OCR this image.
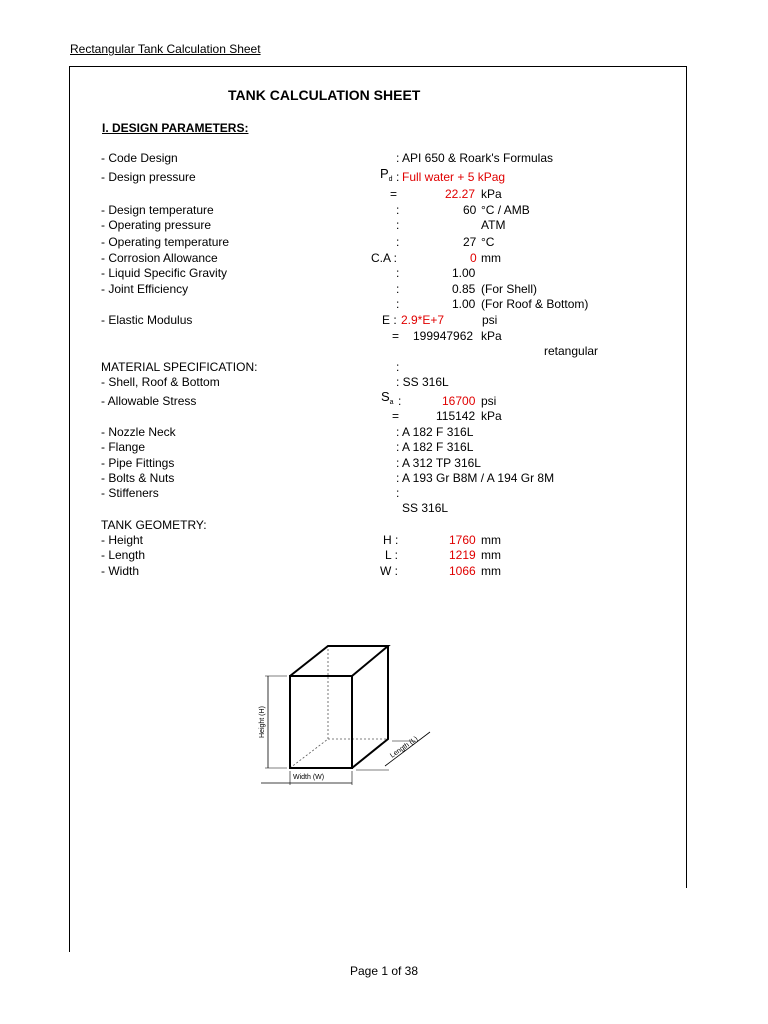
Rectangular Tank Calculation Sheet
TANK CALCULATION SHEET
I. DESIGN PARAMETERS:
- Code Design	: API 650 & Roark's Formulas
- Design pressure	$P_d$ : Full water + 5 kPag
=	22.27 kPa
- Design temperature	:	60 °C / AMB
- Operating pressure	:	ATM
- Operating temperature	:	27 °C
- Corrosion Allowance	C.A :	0 mm
- Liquid Specific Gravity	:	1.00
- Joint Efficiency	:	0.85 (For Shell)
:	1.00 (For Roof & Bottom)
- Elastic Modulus	E : 2.9*E+7	psi
= 199947962 kPa
retangular
MATERIAL SPECIFICATION:	:
- Shell, Roof & Bottom	: SS 316L
- Allowable Stress	$S_a$ :	16700 psi
=	115142 kPa
- Nozzle Neck	: A 182 F 316L
- Flange	: A 182 F 316L
- Pipe Fittings	: A 312 TP 316L
- Bolts & Nuts	: A 193 Gr B8M / A 194 Gr 8M
- Stiffeners	:
SS 316L
TANK GEOMETRY:
- Height	H :	1760 mm
- Length	L :	1219 mm
- Width	W :	1066 mm
Height (H)
Width (W)
Length (L)
Page 1 of 38
